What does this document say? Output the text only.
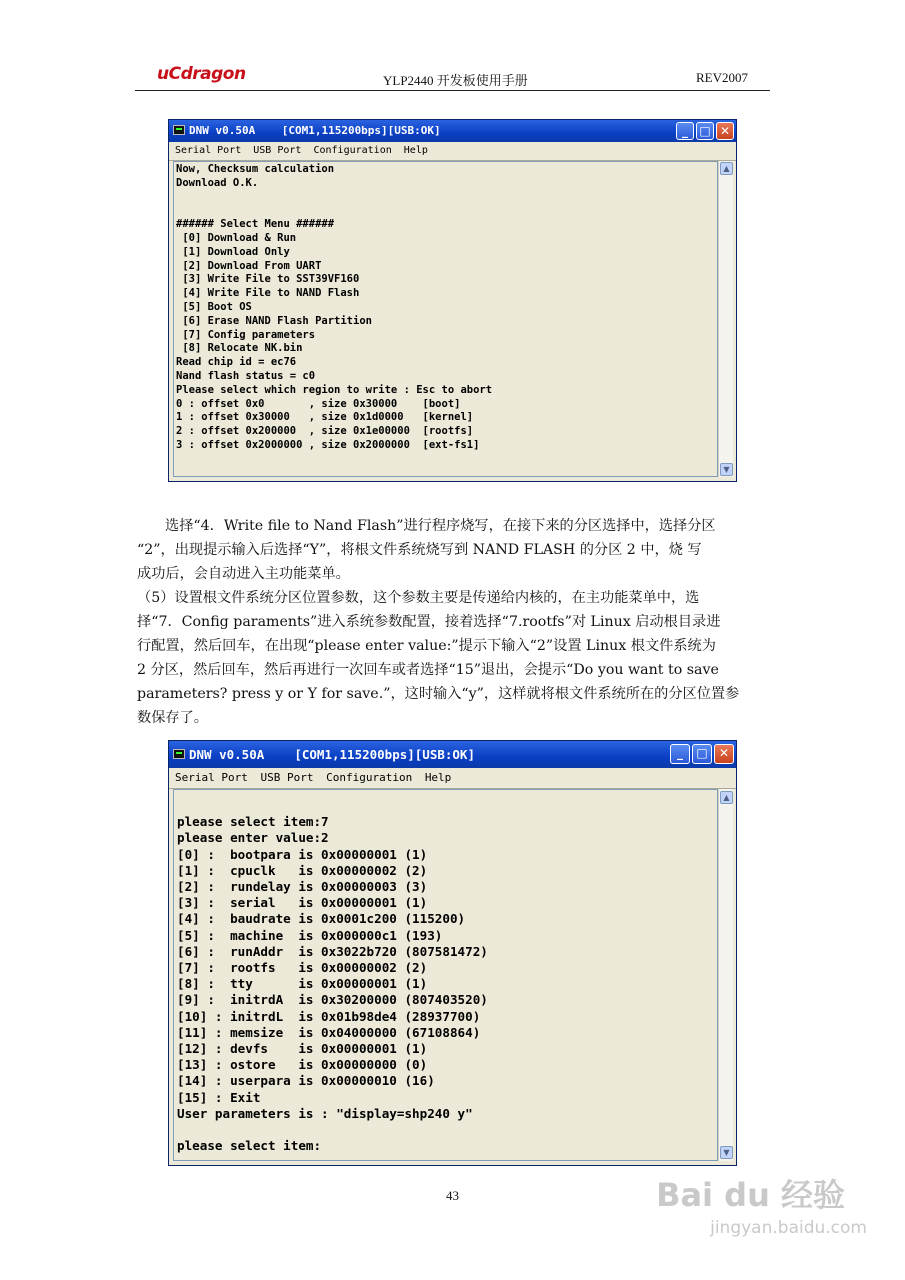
uCdragon	YLP2440 开发板使用手册	REV2007

DNW v0.50A    [COM1,115200bps][USB:OK]

	_

□

✕

Serial Port USB Port Configuration Help
Now, Checksum calculation
Download O.K.

###### Select Menu ######
[0] Download & Run
[1] Download Only
[2] Download From UART
[3] Write File to SST39VF160
[4] Write File to NAND Flash
[5] Boot OS
[6] Erase NAND Flash Partition
[7] Config parameters
[8] Relocate NK.bin
Read chip id = ec76
Nand flash status = c0
Please select which region to write : Esc to abort
0 : offset 0x0       , size 0x30000    [boot]
1 : offset 0x30000   , size 0x1d0000   [kernel]
2 : offset 0x200000  , size 0x1e00000  [rootfs]
3 : offset 0x2000000 , size 0x2000000  [ext-fs1]
▲
▼
选择“4．Write file to Nand Flash”进行程序烧写，在接下来的分区选择中，选择分区
“2”，出现提示输入后选择“Y”，将根文件系统烧写到 NAND FLASH 的分区 2 中，烧 写
成功后，会自动进入主功能菜单。
（5）设置根文件系统分区位置参数，这个参数主要是传递给内核的，在主功能菜单中，选
择“7．Config paraments”进入系统参数配置，接着选择“7.rootfs”对 Linux 启动根目录进
行配置，然后回车，在出现“please enter value:”提示下输入“2”设置 Linux 根文件系统为
2 分区，然后回车，然后再进行一次回车或者选择“15”退出，会提示“Do you want to save
parameters? press y or Y for save.”，这时输入“y”，这样就将根文件系统所在的分区位置参
数保存了。

DNW v0.50A    [COM1,115200bps][USB:OK]

	_

	□

✕

Serial Port USB Port Configuration Help

please select item:7
please enter value:2
[0] :  bootpara is 0x00000001 (1)
[1] :  cpuclk   is 0x00000002 (2)
[2] :  rundelay is 0x00000003 (3)
[3] :  serial   is 0x00000001 (1)
[4] :  baudrate is 0x0001c200 (115200)
[5] :  machine  is 0x000000c1 (193)
[6] :  runAddr  is 0x3022b720 (807581472)
[7] :  rootfs   is 0x00000002 (2)
[8] :  tty      is 0x00000001 (1)
[9] :  initrdA  is 0x30200000 (807403520)
[10] : initrdL  is 0x01b98de4 (28937700)
[11] : memsize  is 0x04000000 (67108864)
[12] : devfs    is 0x00000001 (1)
[13] : ostore   is 0x00000000 (0)
[14] : userpara is 0x00000010 (16)
[15] : Exit
User parameters is : "display=shp240 y"

please select item:
▲
▼
43	Bai du 经验
jingyan.baidu.com
